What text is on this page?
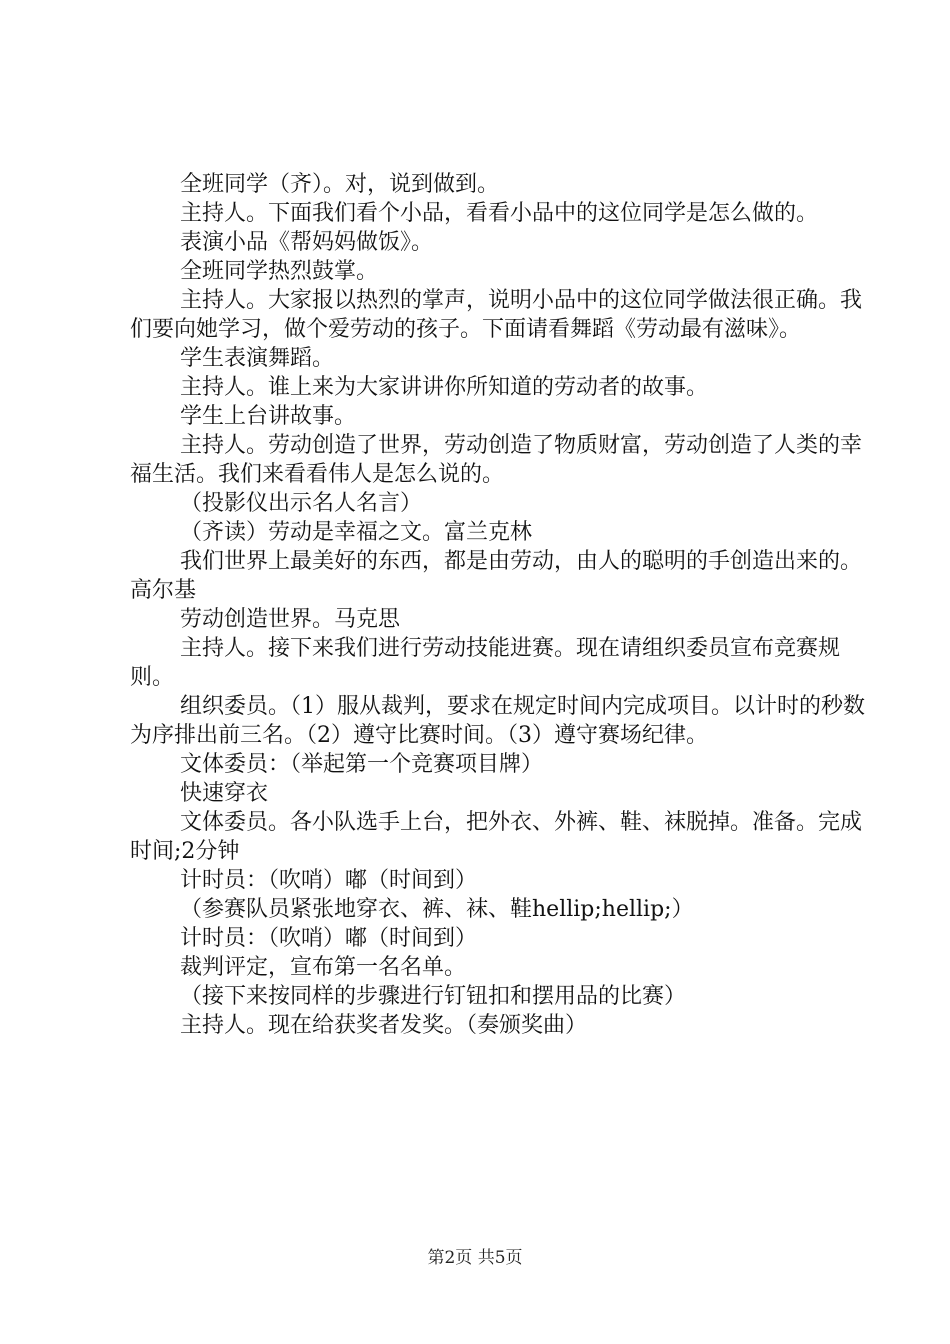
全班同学（齐）。对，说到做到。

主持人。下面我们看个小品，看看小品中的这位同学是怎么做的。

表演小品《帮妈妈做饭》。

全班同学热烈鼓掌。

主持人。大家报以热烈的掌声，说明小品中的这位同学做法很正确。我们要向她学习，做个爱劳动的孩子。下面请看舞蹈《劳动最有滋味》。

学生表演舞蹈。

主持人。谁上来为大家讲讲你所知道的劳动者的故事。

学生上台讲故事。

主持人。劳动创造了世界，劳动创造了物质财富，劳动创造了人类的幸福生活。我们来看看伟人是怎么说的。

（投影仪出示名人名言）

（齐读）劳动是幸福之文。富兰克林

我们世界上最美好的东西，都是由劳动，由人的聪明的手创造出来的。高尔基

劳动创造世界。马克思

主持人。接下来我们进行劳动技能进赛。现在请组织委员宣布竞赛规则。

组织委员。（1）服从裁判，要求在规定时间内完成项目。以计时的秒数为序排出前三名。（2）遵守比赛时间。（3）遵守赛场纪律。

文体委员：（举起第一个竞赛项目牌）

快速穿衣

文体委员。各小队选手上台，把外衣、外裤、鞋、袜脱掉。准备。完成时间;2分钟

计时员：（吹哨）嘟（时间到）

（参赛队员紧张地穿衣、裤、袜、鞋hellip;hellip;）

计时员：（吹哨）嘟（时间到）

裁判评定，宣布第一名名单。

（接下来按同样的步骤进行钉钮扣和摆用品的比赛）

主持人。现在给获奖者发奖。（奏颁奖曲）

第2页 共5页
